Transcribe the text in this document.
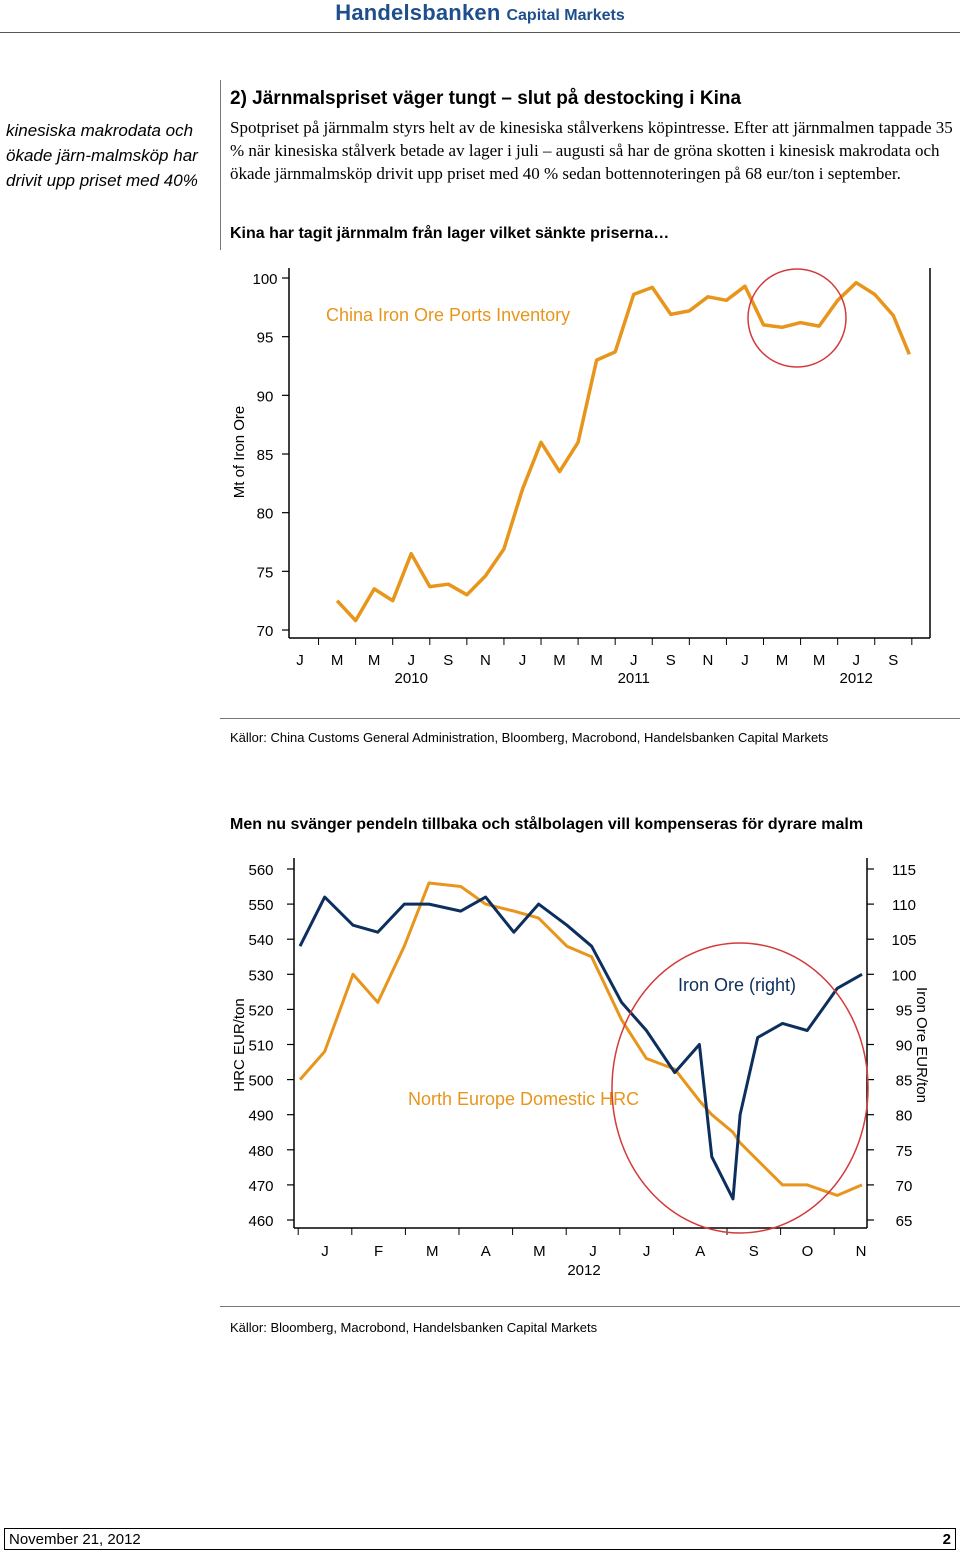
Handelsbanken Capital Markets
kinesiska makrodata och ökade järn-malmsköp har drivit upp priset med 40%
2) Järnmalspriset väger tungt – slut på destocking i Kina
Spotpriset på järnmalm styrs helt av de kinesiska stålverkens köpintresse. Efter att järnmalmen tappade 35 % när kinesiska stålverk betade av lager i juli – augusti så har de gröna skotten i kinesisk makrodata och ökade järnmalmsköp drivit upp priset med 40 % sedan bottennoteringen på 68 eur/ton i september.
Kina har tagit järnmalm från lager vilket sänkte priserna…
Källor: China Customs General Administration, Bloomberg, Macrobond, Handelsbanken Capital Markets
Men nu svänger pendeln tillbaka och stålbolagen vill kompenseras för dyrare malm
Källor: Bloomberg, Macrobond, Handelsbanken Capital Markets
100
95
90
85
80
75
70
Mt of Iron Ore
J M M J S N J M M J S N J M M J S
2010	2011	2012
China Iron Ore Ports Inventory
560
550
540
530
520
510
500
490
480
470
460
115
110
105
100
95
90
85
80
75
70
65
HRC EUR/ton	Iron Ore EUR/ton
J	F	M	A	M	J	J	A	S	O	N
2012
North Europe Domestic HRC
Iron Ore (right)
November 21, 2012	2
